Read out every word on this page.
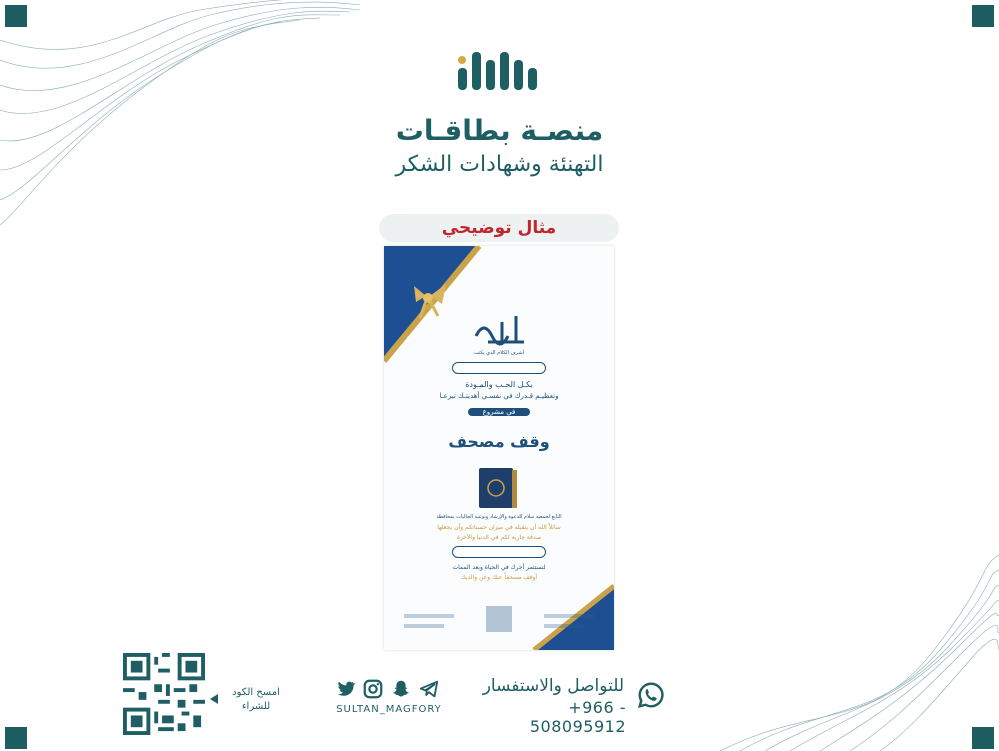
منصـة بطاقـات
التهنئة وشهادات الشكر
مثال توضيحي
أشرف الكلام الذي يكتب
بكـل الحـب والمـودة
وتعظيـم قـدرك في نفسـي أهديتـك تبرعـا
في مشروع
وقف مصحف
التابع لجمعية سلام للدعوة والإرشاد وتوعية الجاليات بمحافظة
سائلاً الله أن يتقبله في ميزان حسناتكم وأن يجعلها
صدقة جارية لكم في الدنيا والآخرة
لتستثمر أجرك في الحياة وبعد الممات
أوقف مصحفاً عنك وعن والديك
امسح الكود للشراء	SULTAN_MAGFORY
للتواصل والاستفسار
+966 - 508095912
